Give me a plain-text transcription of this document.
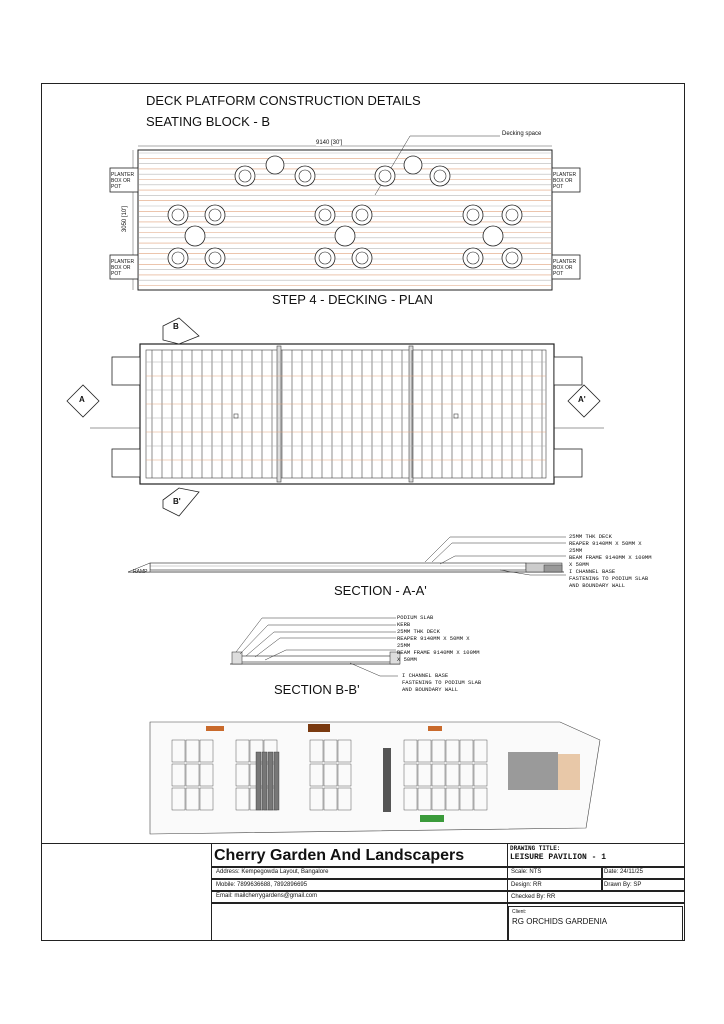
DECK PLATFORM CONSTRUCTION DETAILS
SEATING BLOCK - B
9140 [30']
3050 [10']
Decking space
PLANTER BOX OR POT
PLANTER BOX OR POT
PLANTER BOX OR POT
PLANTER BOX OR POT
STEP 4 - DECKING - PLAN
A	A'
B
B'
RAMP
25MM THK DECK
REAPER 9140MM X 50MM X
25MM
BEAM FRAME 9140MM X 100MM
X 50MM
I CHANNEL BASE
FASTENING TO PODIUM SLAB
AND BOUNDARY WALL
SECTION - A-A'
PODIUM SLAB
KERB
25MM THK DECK
REAPER 9140MM X 50MM X
25MM
BEAM FRAME 9140MM X 100MM
X 50MM
I CHANNEL BASE
FASTENING TO PODIUM SLAB
AND BOUNDARY WALL
SECTION B-B'
Cherry Garden And Landscapers
Address: Kempegowda Layout, Bangalore
Mobile: 7899636688, 7892896695
Email: mailcherrygardens@gmail.com
DRAWING TITLE:
LEISURE PAVILION - 1
Scale: NTS	Date: 24/11/25
Design: RR	Drawn By: SP
Checked By: RR
Client:
RG ORCHIDS GARDENIA
